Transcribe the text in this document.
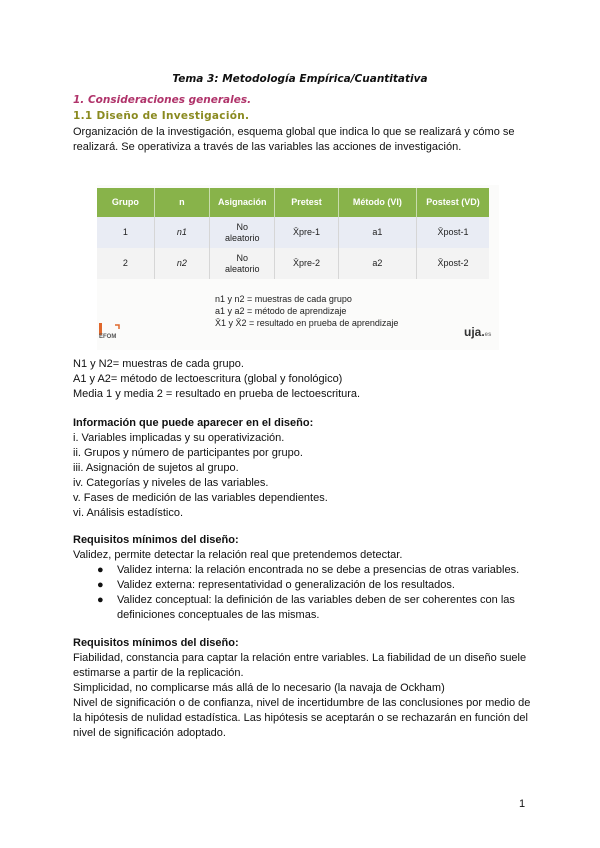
Tema 3: Metodología Empírica/Cuantitativa
1. Consideraciones generales.
1.1 Diseño de Investigación.
Organización de la investigación, esquema global que indica lo que se realizará y cómo se realizará. Se operativiza a través de las variables las acciones de investigación.
Grupo	n	Asignación	Pretest	Método (VI)	Postest (VD)
1	n1	No aleatorio	X̄pre-1	a1	X̄post-1
2	n2	No aleatorio	X̄pre-2	a2	X̄post-2
n1 y n2 = muestras de cada grupo
a1 y a2 = método de aprendizaje
X̄1 y X̄2 = resultado en prueba de aprendizaje
EFOM	uja.es
N1 y N2= muestras de cada grupo.
A1 y A2= método de lectoescritura (global y fonológico)
Media 1 y media 2 = resultado en prueba de lectoescritura.
Información que puede aparecer en el diseño:
i. Variables implicadas y su operativización.
ii. Grupos y número de participantes por grupo.
iii. Asignación de sujetos al grupo.
iv. Categorías y niveles de las variables.
v. Fases de medición de las variables dependientes.
vi. Análisis estadístico.
Requisitos mínimos del diseño:
Validez, permite detectar la relación real que pretendemos detectar.
● Validez interna: la relación encontrada no se debe a presencias de otras variables.
● Validez externa: representatividad o generalización de los resultados.
● Validez conceptual: la definición de las variables deben de ser coherentes con las definiciones conceptuales de las mismas.
Requisitos mínimos del diseño:
Fiabilidad, constancia para captar la relación entre variables. La fiabilidad de un diseño suele estimarse a partir de la replicación.
Simplicidad, no complicarse más allá de lo necesario (la navaja de Ockham)
Nivel de significación o de confianza, nivel de incertidumbre de las conclusiones por medio de la hipótesis de nulidad estadística. Las hipótesis se aceptarán o se rechazarán en función del nivel de significación adoptado.
1
